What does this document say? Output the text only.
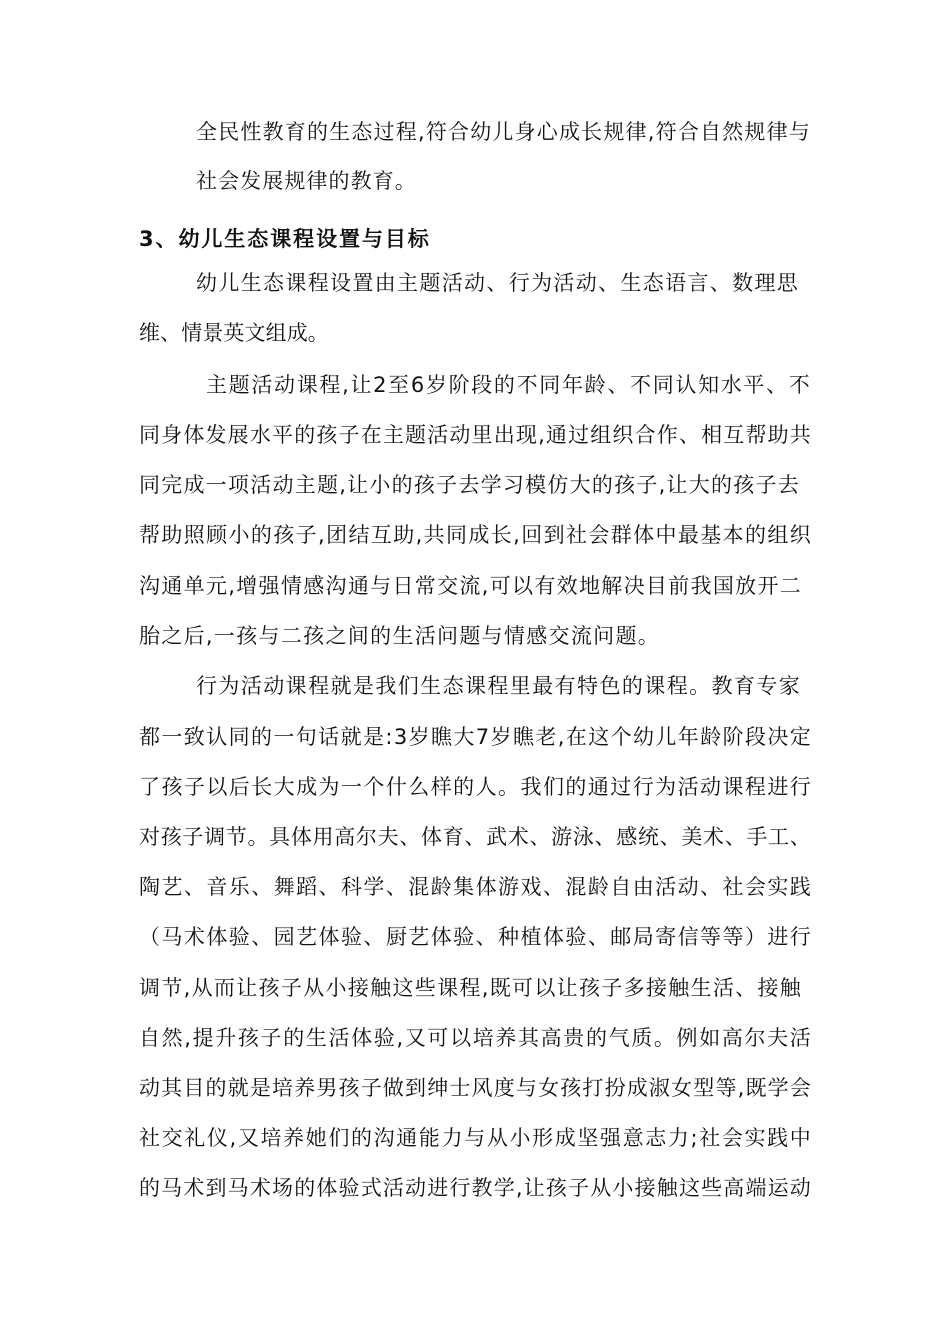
全民性教育的生态过程,符合幼儿身心成长规律,符合自然规律与
社会发展规律的教育。
3、幼儿生态课程设置与目标
幼儿生态课程设置由主题活动、行为活动、生态语言、数理思
维、情景英文组成。
主题活动课程,让2至6岁阶段的不同年龄、不同认知水平、不
同身体发展水平的孩子在主题活动里出现,通过组织合作、相互帮助共
同完成一项活动主题,让小的孩子去学习模仿大的孩子,让大的孩子去
帮助照顾小的孩子,团结互助,共同成长,回到社会群体中最基本的组织
沟通单元,增强情感沟通与日常交流,可以有效地解决目前我国放开二
胎之后,一孩与二孩之间的生活问题与情感交流问题。
行为活动课程就是我们生态课程里最有特色的课程。教育专家
都一致认同的一句话就是:3岁瞧大7岁瞧老,在这个幼儿年龄阶段决定
了孩子以后长大成为一个什么样的人。我们的通过行为活动课程进行
对孩子调节。具体用高尔夫、体育、武术、游泳、感统、美术、手工、
陶艺、音乐、舞蹈、科学、混龄集体游戏、混龄自由活动、社会实践
（马术体验、园艺体验、厨艺体验、种植体验、邮局寄信等等）进行
调节,从而让孩子从小接触这些课程,既可以让孩子多接触生活、接触
自然,提升孩子的生活体验,又可以培养其高贵的气质。例如高尔夫活
动其目的就是培养男孩子做到绅士风度与女孩打扮成淑女型等,既学会
社交礼仪,又培养她们的沟通能力与从小形成坚强意志力;社会实践中
的马术到马术场的体验式活动进行教学,让孩子从小接触这些高端运动
